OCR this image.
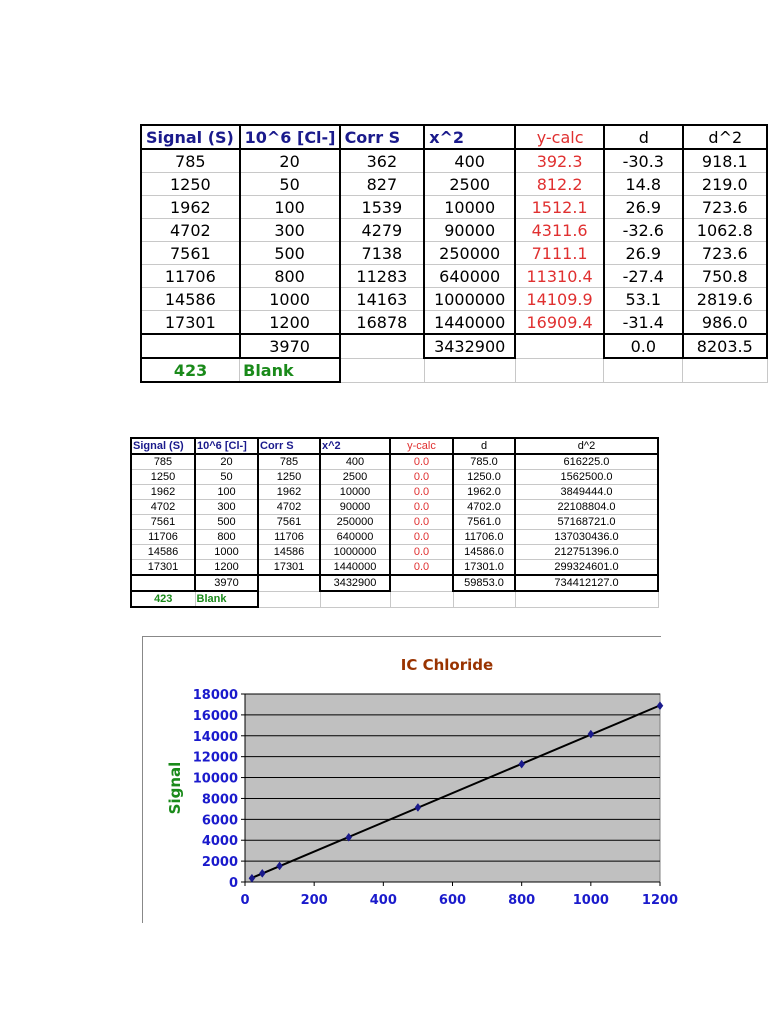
Signal (S)	10^6 [Cl-]	Corr S	x^2	y-calc	d	d^2
785	20	362	400	392.3	-30.3	918.1
1250	50	827	2500	812.2	14.8	219.0
1962	100	1539	10000	1512.1	26.9	723.6
4702	300	4279	90000	4311.6	-32.6	1062.8
7561	500	7138	250000	7111.1	26.9	723.6
11706	800	11283	640000	11310.4	-27.4	750.8
14586	1000	14163	1000000	14109.9	53.1	2819.6
17301	1200	16878	1440000	16909.4	-31.4	986.0
	3970		3432900		0.0	8203.5
423	Blank					
Signal (S)	10^6 [Cl-]	Corr S	x^2	y-calc	d	d^2
785	20	785	400	0.0	785.0	616225.0
1250	50	1250	2500	0.0	1250.0	1562500.0
1962	100	1962	10000	0.0	1962.0	3849444.0
4702	300	4702	90000	0.0	4702.0	22108804.0
7561	500	7561	250000	0.0	7561.0	57168721.0
11706	800	11706	640000	0.0	11706.0	137030436.0
14586	1000	14586	1000000	0.0	14586.0	212751396.0
17301	1200	17301	1440000	0.0	17301.0	299324601.0
	3970		3432900		59853.0	734412127.0
423	Blank					
0
2000
4000
6000
8000
10000
12000
14000
16000
18000
0	200	400	600	800	1000	1200
IC Chloride
Signal
